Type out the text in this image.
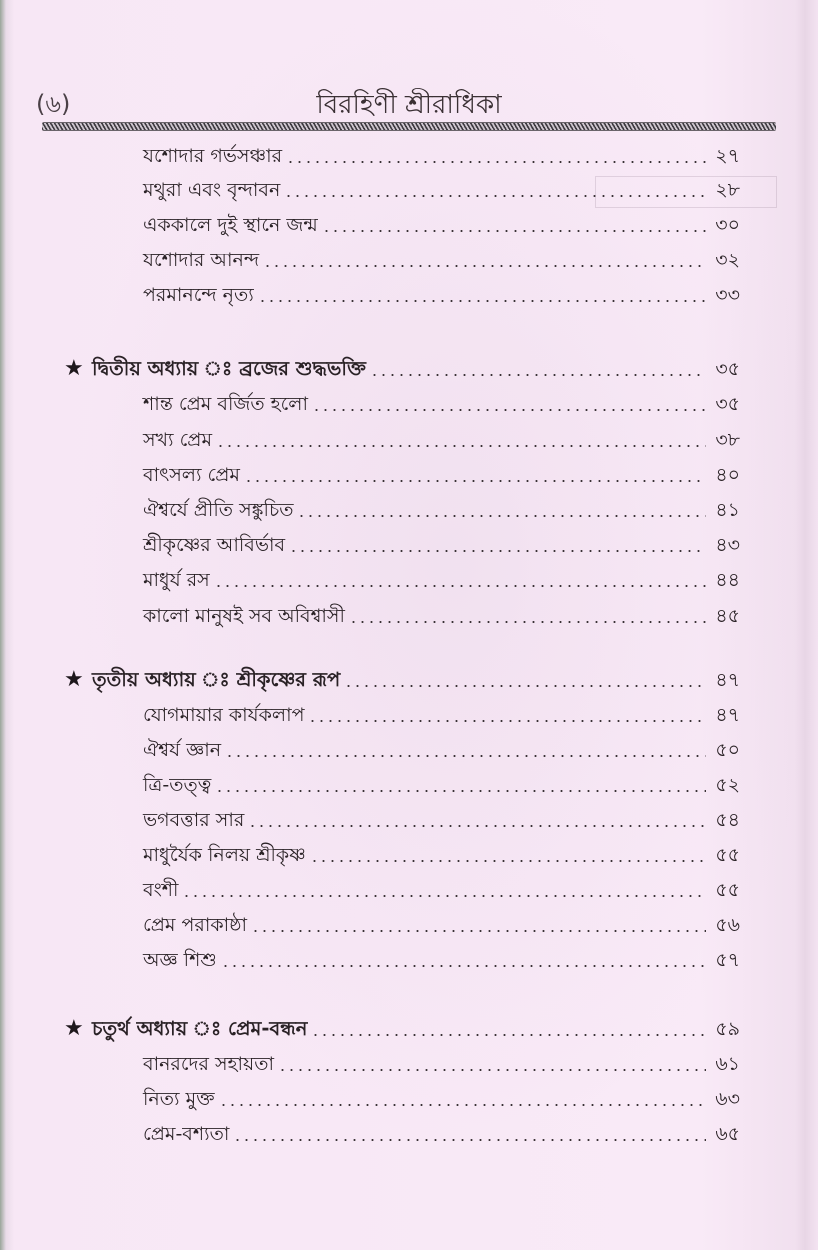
(৬)	বিরহিণী শ্রীরাধিকা
যশোদার গর্ভসঞ্চার	২৭
মথুরা এবং বৃন্দাবন	২৮
এককালে দুই স্থানে জন্ম	৩০
যশোদার আনন্দ	৩২
পরমানন্দে নৃত্য	৩৩
★ দ্বিতীয় অধ্যায় ঃ ব্রজের শুদ্ধভক্তি	৩৫
শান্ত প্রেম বর্জিত হলো	৩৫
সখ্য প্রেম	৩৮
বাৎসল্য প্রেম	৪০
ঐশ্বর্যে প্রীতি সঙ্কুচিত	৪১
শ্রীকৃষ্ণের আবির্ভাব	৪৩
মাধুর্য রস	৪৪
কালো মানুষই সব অবিশ্বাসী	৪৫
★ তৃতীয় অধ্যায় ঃ শ্রীকৃষ্ণের রূপ	৪৭
যোগমায়ার কার্যকলাপ	৪৭
ঐশ্বর্য জ্ঞান	৫০
ত্রি-তত্ত্ব	৫২
ভগবত্তার সার	৫৪
মাধুর্যৈক নিলয় শ্রীকৃষ্ণ	৫৫
বংশী	৫৫
প্রেম পরাকাষ্ঠা	৫৬
অজ্ঞ শিশু	৫৭
★ চতুর্থ অধ্যায় ঃ প্রেম-বন্ধন	৫৯
বানরদের সহায়তা	৬১
নিত্য মুক্ত	৬৩
প্রেম-বশ্যতা	৬৫
